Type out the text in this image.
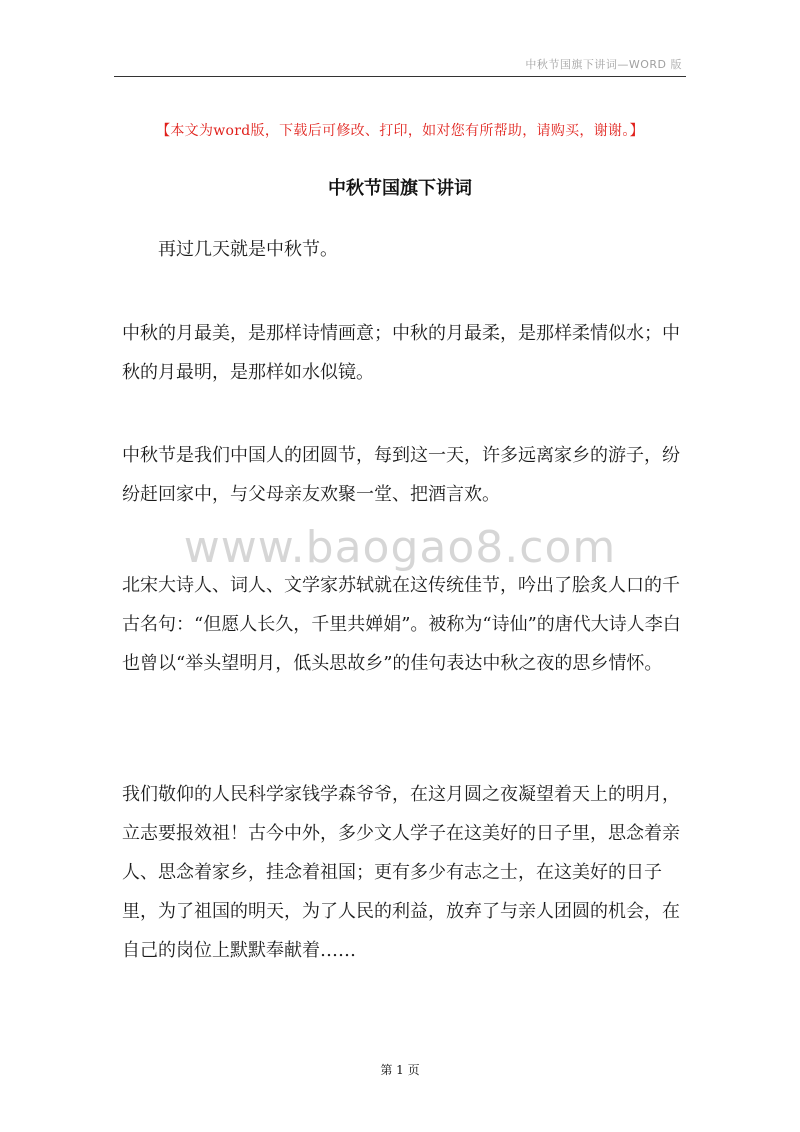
中秋节国旗下讲词—WORD 版
【本文为word版，下载后可修改、打印，如对您有所帮助，请购买，谢谢。】
中秋节国旗下讲词

再过几天就是中秋节。

中秋的月最美，是那样诗情画意；中秋的月最柔，是那样柔情似水；中秋的月最明，是那样如水似镜。

中秋节是我们中国人的团圆节，每到这一天，许多远离家乡的游子，纷纷赶回家中，与父母亲友欢聚一堂、把酒言欢。

北宋大诗人、词人、文学家苏轼就在这传统佳节，吟出了脍炙人口的千古名句：“但愿人长久，千里共婵娟”。被称为“诗仙”的唐代大诗人李白也曾以“举头望明月，低头思故乡”的佳句表达中秋之夜的思乡情怀。

我们敬仰的人民科学家钱学森爷爷，在这月圆之夜凝望着天上的明月，立志要报效祖！古今中外，多少文人学子在这美好的日子里，思念着亲人、思念着家乡，挂念着祖国；更有多少有志之士，在这美好的日子里，为了祖国的明天，为了人民的利益，放弃了与亲人团圆的机会，在自己的岗位上默默奉献着……

www.baogao8.com
第 1 页
